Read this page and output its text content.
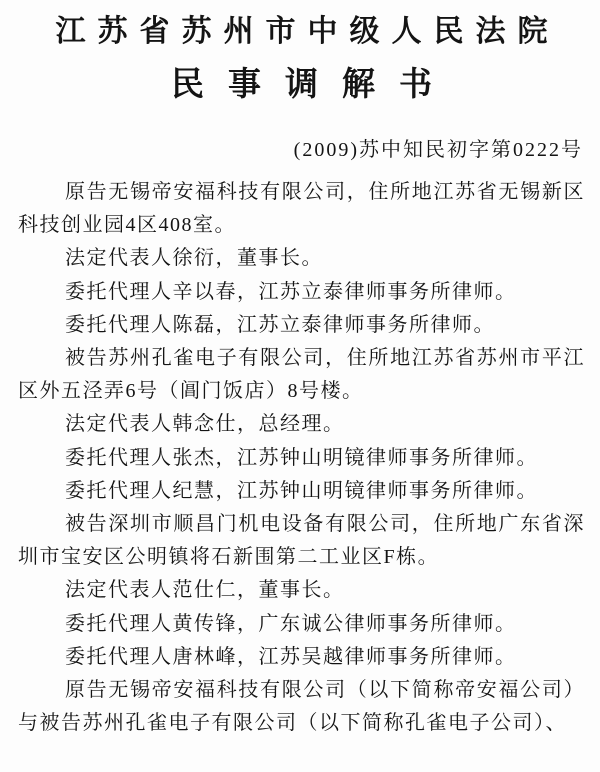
江苏省苏州市中级人民法院
民事调解书
(2009)苏中知民初字第0222号

原告无锡帝安福科技有限公司，住所地江苏省无锡新区科技创业园4区408室。

法定代表人徐衍，董事长。

委托代理人辛以春，江苏立泰律师事务所律师。

委托代理人陈磊，江苏立泰律师事务所律师。

被告苏州孔雀电子有限公司，住所地江苏省苏州市平江区外五泾弄6号（阊门饭店）8号楼。

法定代表人韩念仕，总经理。

委托代理人张杰，江苏钟山明镜律师事务所律师。

委托代理人纪慧，江苏钟山明镜律师事务所律师。

被告深圳市顺昌门机电设备有限公司，住所地广东省深圳市宝安区公明镇将石新围第二工业区F栋。

法定代表人范仕仁，董事长。

委托代理人黄传锋，广东诚公律师事务所律师。

委托代理人唐林峰，江苏吴越律师事务所律师。

原告无锡帝安福科技有限公司（以下简称帝安福公司）与被告苏州孔雀电子有限公司（以下简称孔雀电子公司）、
